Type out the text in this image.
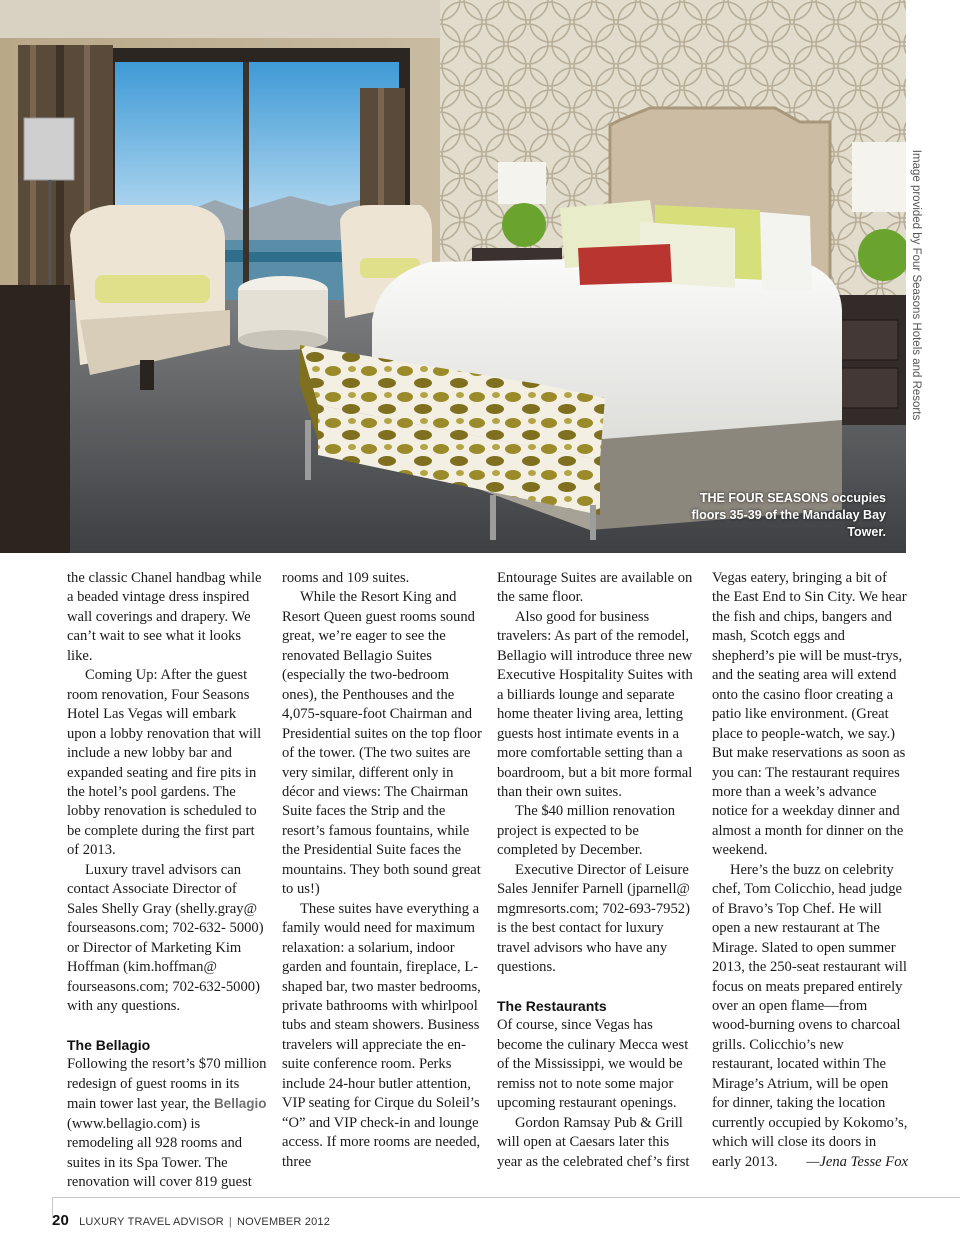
THE FOUR SEASONS occupies floors 35-39 of the Mandalay Bay Tower.
Image provided by Four Seasons Hotels and Resorts

the classic Chanel handbag while a beaded vintage dress inspired wall coverings and drapery. We can’t wait to see what it looks like.

Coming Up: After the guest room renovation, Four Seasons Hotel Las Vegas will embark upon a lobby renovation that will include a new lobby bar and expanded seating and fire pits in the hotel’s pool gardens. The lobby renovation is scheduled to be complete during the first part of 2013.

Luxury travel advisors can contact Associate Director of Sales Shelly Gray (shelly.gray@ fourseasons.com; 702-632- 5000) or Director of Marketing Kim Hoffman (kim.hoffman@ fourseasons.com; 702-632-5000) with any questions.

The Bellagio

Following the resort’s $70 million redesign of guest rooms in its main tower last year, the Bellagio (www.bellagio.com) is remodeling all 928 rooms and suites in its Spa Tower. The renovation will cover 819 guest

rooms and 109 suites.

While the Resort King and Resort Queen guest rooms sound great, we’re eager to see the renovated Bellagio Suites (especially the two-bedroom ones), the Penthouses and the 4,075-square-foot Chairman and Presidential suites on the top floor of the tower. (The two suites are very similar, different only in décor and views: The Chairman Suite faces the Strip and the resort’s famous fountains, while the Presidential Suite faces the mountains. They both sound great to us!)

These suites have everything a family would need for maximum relaxation: a solarium, indoor garden and fountain, fireplace, L-shaped bar, two master bedrooms, private bathrooms with whirlpool tubs and steam showers. Business travelers will appreciate the en-suite conference room. Perks include 24-hour butler attention, VIP seating for Cirque du Soleil’s “O” and VIP check-in and lounge access. If more rooms are needed, three

Entourage Suites are available on the same floor.

Also good for business travelers: As part of the remodel, Bellagio will introduce three new Executive Hospitality Suites with a billiards lounge and separate home theater living area, letting guests host intimate events in a more comfortable setting than a boardroom, but a bit more formal than their own suites.

The $40 million renovation project is expected to be completed by December.

Executive Director of Leisure Sales Jennifer Parnell (jparnell@ mgmresorts.com; 702-693-7952) is the best contact for luxury travel advisors who have any questions.

The Restaurants

Of course, since Vegas has become the culinary Mecca west of the Mississippi, we would be remiss not to note some major upcoming restaurant openings.

Gordon Ramsay Pub & Grill will open at Caesars later this year as the celebrated chef’s first

Vegas eatery, bringing a bit of the East End to Sin City. We hear the fish and chips, bangers and mash, Scotch eggs and shepherd’s pie will be must-trys, and the seating area will extend onto the casino floor creating a patio like environment. (Great place to people-watch, we say.) But make reservations as soon as you can: The restaurant requires more than a week’s advance notice for a weekday dinner and almost a month for dinner on the weekend.

Here’s the buzz on celebrity chef, Tom Colicchio, head judge of Bravo’s Top Chef. He will open a new restaurant at The Mirage. Slated to open summer 2013, the 250-seat restaurant will focus on meats prepared entirely over an open flame—from wood-burning ovens to charcoal grills. Colicchio’s new restaurant, located within The Mirage’s Atrium, will be open for dinner, taking the location currently occupied by Kokomo’s, which will close its doors in early 2013.	—Jena Tesse Fox

20 LUXURY TRAVEL ADVISOR | NOVEMBER 2012
